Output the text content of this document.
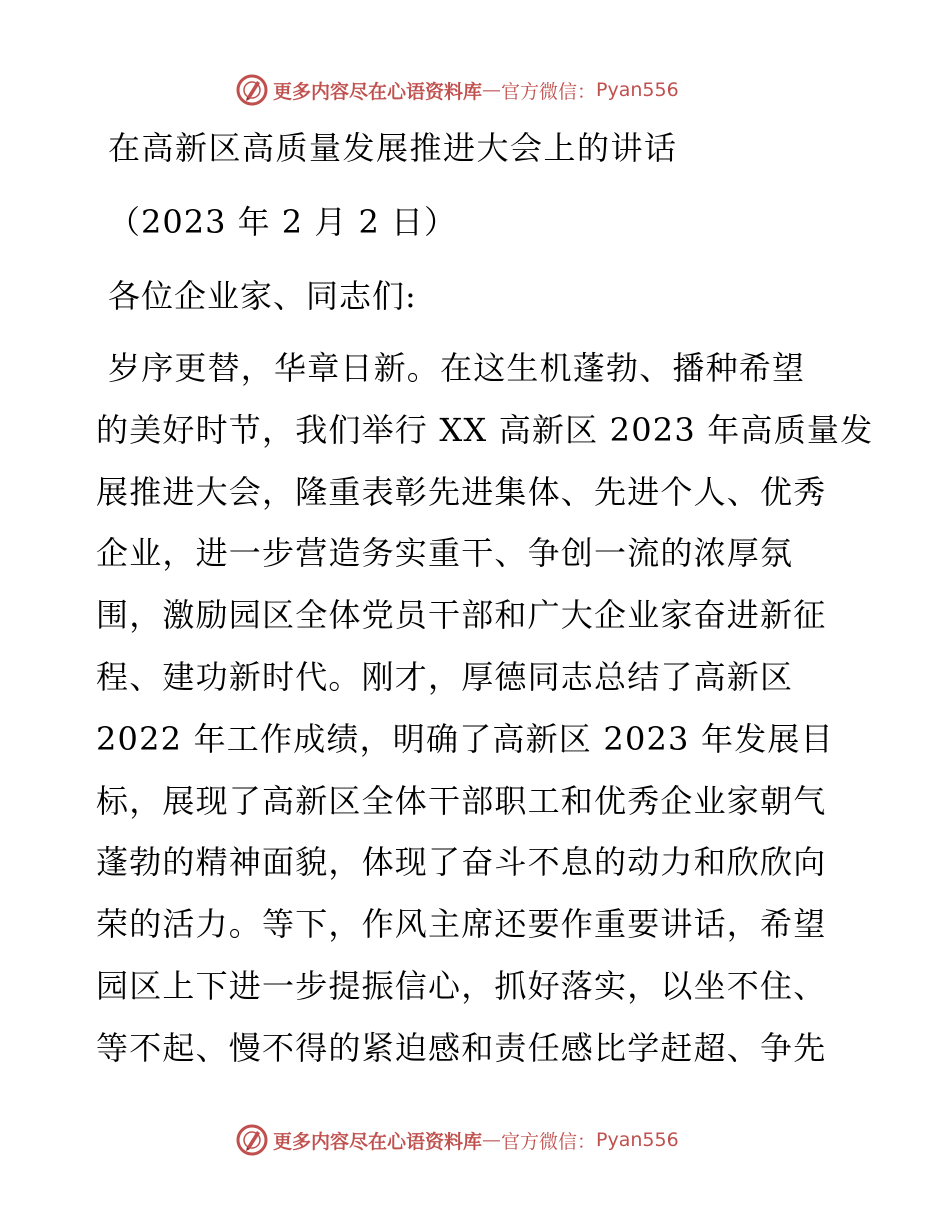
更多内容尽在心语资料库 — 官方微信： Pyan556
在高新区高质量发展推进大会上的讲话
（2023 年 2 月 2 日）
各位企业家、同志们:
岁序更替，华章日新。在这生机蓬勃、播种希望
的美好时节，我们举行 XX 高新区 2023 年高质量发
展推进大会，隆重表彰先进集体、先进个人、优秀
企业，进一步营造务实重干、争创一流的浓厚氛
围，激励园区全体党员干部和广大企业家奋进新征
程、建功新时代。刚才，厚德同志总结了高新区
2022 年工作成绩，明确了高新区 2023 年发展目
标，展现了高新区全体干部职工和优秀企业家朝气
蓬勃的精神面貌，体现了奋斗不息的动力和欣欣向
荣的活力。等下，作风主席还要作重要讲话，希望
园区上下进一步提振信心，抓好落实，以坐不住、
等不起、慢不得的紧迫感和责任感比学赶超、争先
更多内容尽在心语资料库 — 官方微信： Pyan556
